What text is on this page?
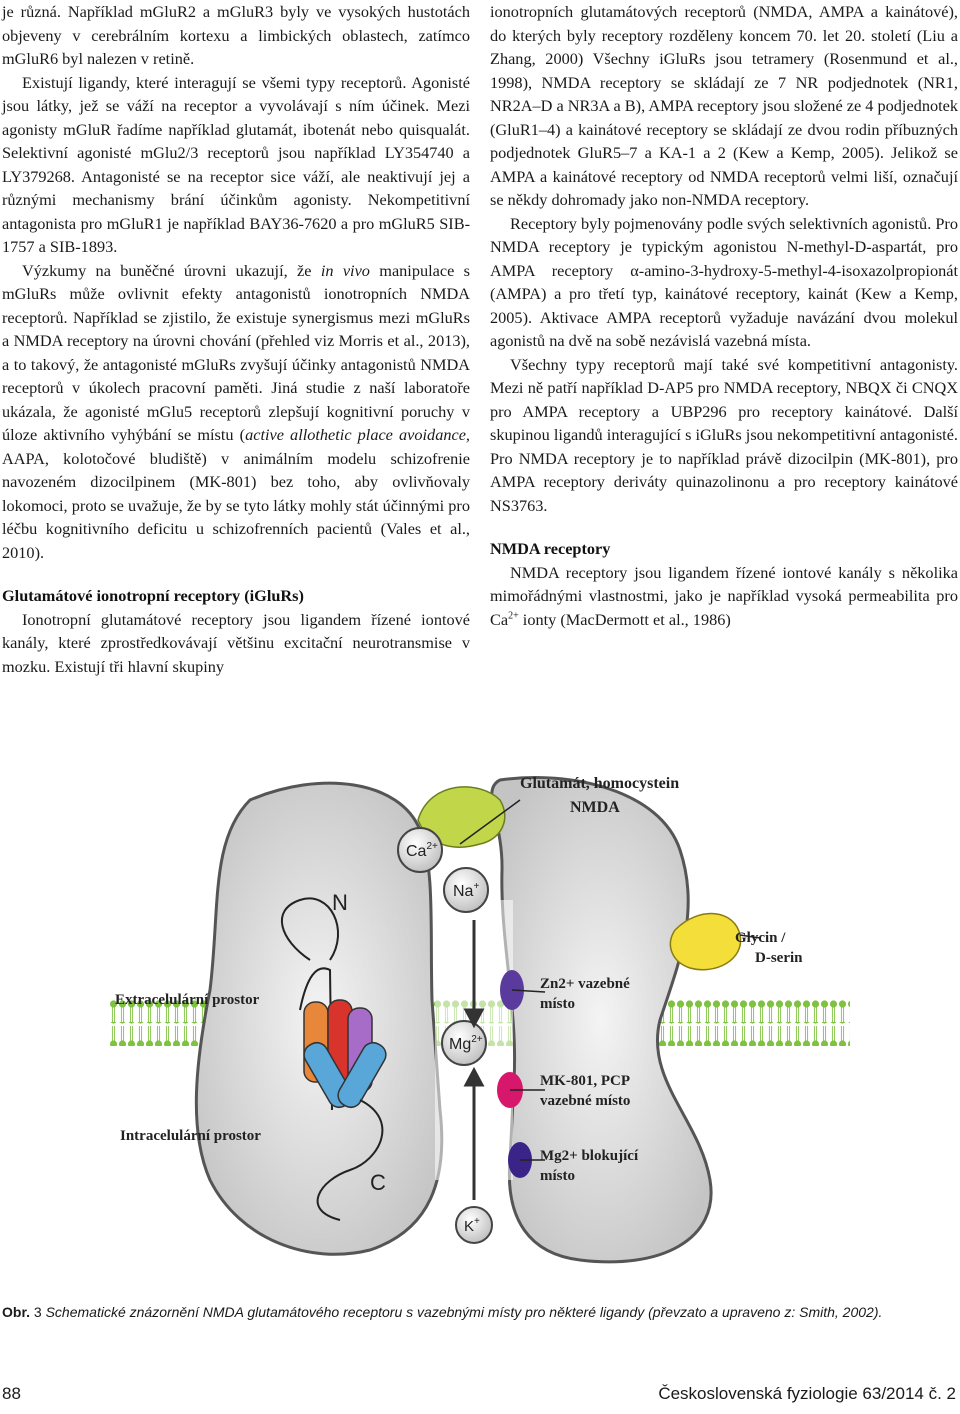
je různá. Například mGluR2 a mGluR3 byly ve vysokých hustotách objeveny v cerebrálním kortexu a limbických oblastech, zatímco mGluR6 byl nalezen v retině.

Existují ligandy, které interagují se všemi typy receptorů. Agonisté jsou látky, jež se váží na receptor a vyvolávají s ním účinek. Mezi agonisty mGluR řadíme například glutamát, ibotenát nebo quisqualát. Selektivní agonisté mGlu2/3 receptorů jsou například LY354740 a LY379268. Antagonisté se na receptor sice váží, ale neaktivují jej a různými mechanismy brání účinkům agonisty. Nekompetitivní antagonista pro mGluR1 je například BAY36-7620 a pro mGluR5 SIB-1757 a SIB-1893.

Výzkumy na buněčné úrovni ukazují, že in vivo manipulace s mGluRs může ovlivnit efekty antagonistů ionotropních NMDA receptorů. Například se zjistilo, že existuje synergismus mezi mGluRs a NMDA receptory na úrovni chování (přehled viz Morris et al., 2013), a to takový, že antagonisté mGluRs zvyšují účinky antagonistů NMDA receptorů v úkolech pracovní paměti. Jiná studie z naší laboratoře ukázala, že agonisté mGlu5 receptorů zlepšují kognitivní poruchy v úloze aktivního vyhýbání se místu (active allothetic place avoidance, AAPA, kolotočové bludiště) v animálním modelu schizofrenie navozeném dizocilpinem (MK-801) bez toho, aby ovlivňovaly lokomoci, proto se uvažuje, že by se tyto látky mohly stát účinnými pro léčbu kognitivního deficitu u schizofrenních pacientů (Vales et al., 2010).

Glutamátové ionotropní receptory (iGluRs)

Ionotropní glutamátové receptory jsou ligandem řízené iontové kanály, které zprostředkovávají většinu excitační neurotransmise v mozku. Existují tři hlavní skupiny

ionotropních glutamátových receptorů (NMDA, AMPA a kainátové), do kterých byly receptory rozděleny koncem 70. let 20. století (Liu a Zhang, 2000) Všechny iGluRs jsou tetramery (Rosenmund et al., 1998), NMDA receptory se skládají ze 7 NR podjednotek (NR1, NR2A–D a NR3A a B), AMPA receptory jsou složené ze 4 podjednotek (GluR1–4) a kainátové receptory se skládají ze dvou rodin příbuzných podjednotek GluR5–7 a KA-1 a 2 (Kew a Kemp, 2005). Jelikož se AMPA a kainátové receptory od NMDA receptorů velmi liší, označují se někdy dohromady jako non-NMDA receptory.

Receptory byly pojmenovány podle svých selektivních agonistů. Pro NMDA receptory je typickým agonistou N-methyl-D-aspartát, pro AMPA receptory α-amino-3-hydroxy-5-methyl-4-isoxazolpropionát (AMPA) a pro třetí typ, kainátové receptory, kainát (Kew a Kemp, 2005). Aktivace AMPA receptorů vyžaduje navázání dvou molekul agonistů na dvě na sobě nezávislá vazebná místa.

Všechny typy receptorů mají také své kompetitivní antagonisty. Mezi ně patří například D-AP5 pro NMDA receptory, NBQX či CNQX pro AMPA receptory a UBP296 pro receptory kainátové. Další skupinou ligandů interagující s iGluRs jsou nekompetitivní antagonisté. Pro NMDA receptory je to například právě dizocilpin (MK-801), pro AMPA receptory deriváty quinazolinonu a pro receptory kainátové NS3763.

NMDA receptory

NMDA receptory jsou ligandem řízené iontové kanály s několika mimořádnými vlastnostmi, jako je například vysoká permeabilita pro $Ca^{2+}$ ionty (MacDermott et al., 1986)

Glutamát, homocystein
NMDA
Glycin /
D-serin
Extracelulární prostor
Intracelulární prostor
Zn2+ vazebné
místo
MK-801, PCP
vazebné místo
Mg2+ blokující
místo
N
C
$Ca^{2+}$
Na+
$Mg^{2+}$
K+
Obr. 3 Schematické znázornění NMDA glutamátového receptoru s vazebnými místy pro některé ligandy (převzato a upraveno z: Smith, 2002).
88	Československá fyziologie 63/2014 č. 2
